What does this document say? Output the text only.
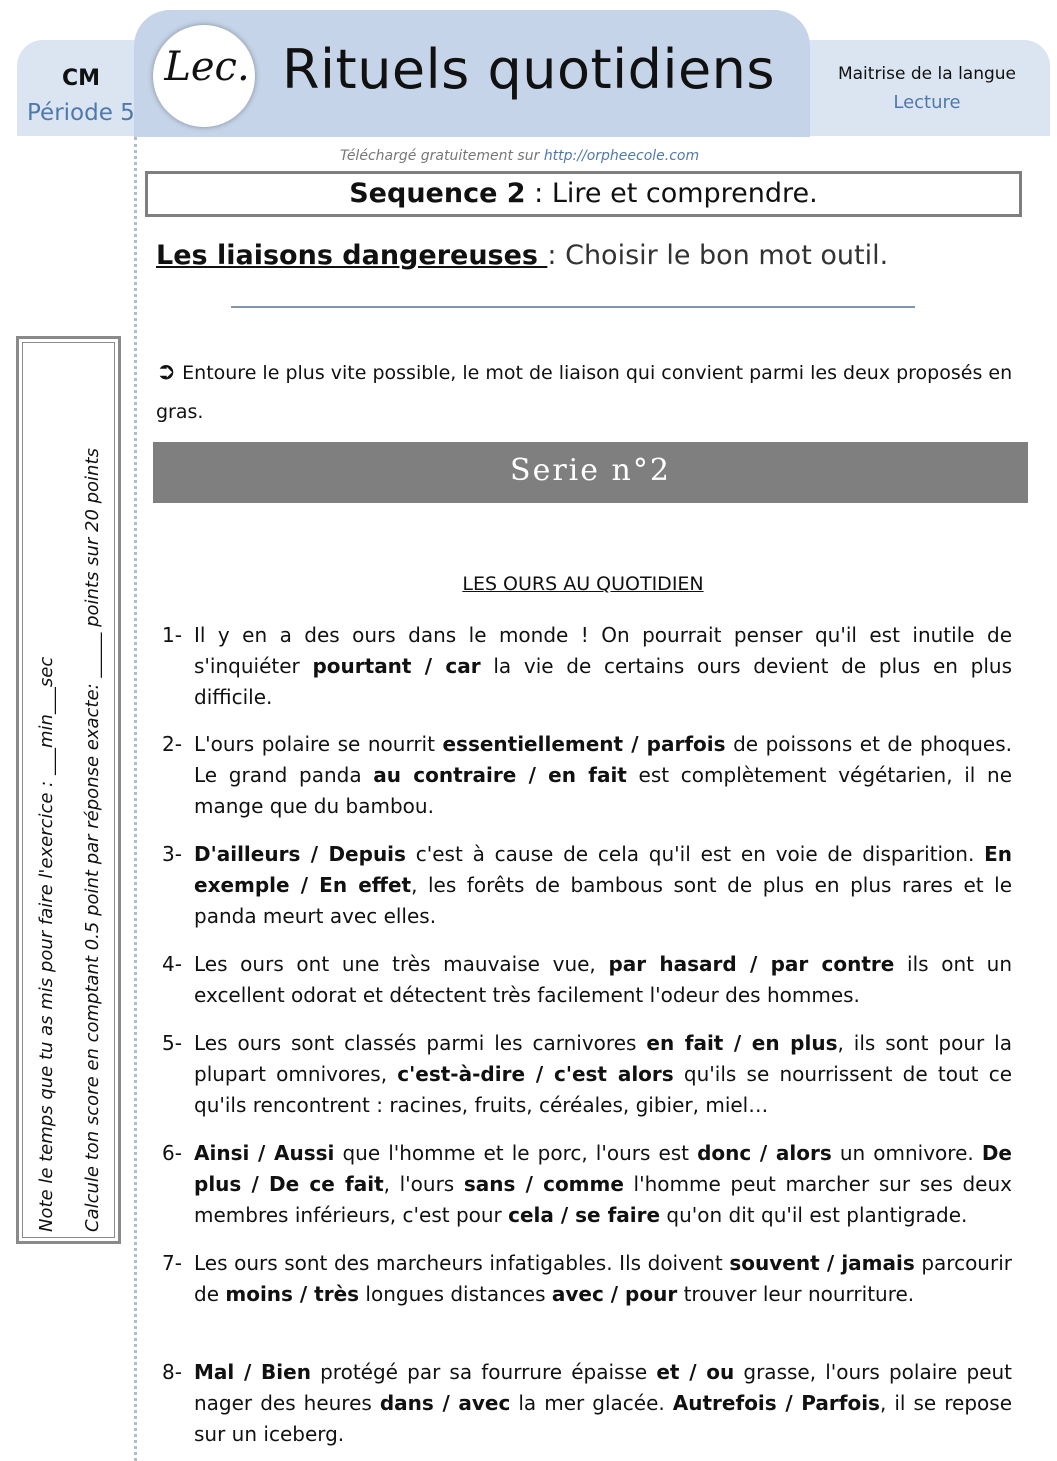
CM
Période 5
Lec. Rituels quotidiens	Maitrise de la langue
Lecture
Téléchargé gratuitement sur http://orpheecole.com
Sequence 2 : Lire et comprendre.
Les liaisons dangereuses : Choisir le bon mot outil.
➲ Entoure le plus vite possible, le mot de liaison qui convient parmi les deux proposés en gras.
Serie n°2
LES OURS AU QUOTIDIEN
1- Il y en a des ours dans le monde ! On pourrait penser qu'il est inutile de s'inquiéter pourtant / car la vie de certains ours devient de plus en plus difficile.
2- L'ours polaire se nourrit essentiellement / parfois de poissons et de phoques. Le grand panda au contraire / en fait est complètement végétarien, il ne mange que du bambou.
3- D'ailleurs / Depuis c'est à cause de cela qu'il est en voie de disparition. En exemple / En effet, les forêts de bambous sont de plus en plus rares et le panda meurt avec elles.
4- Les ours ont une très mauvaise vue, par hasard / par contre ils ont un excellent odorat et détectent très facilement l'odeur des hommes.
5- Les ours sont classés parmi les carnivores en fait / en plus, ils sont pour la plupart omnivores, c'est-à-dire / c'est alors qu'ils se nourrissent de tout ce qu'ils rencontrent : racines, fruits, céréales, gibier, miel…
6- Ainsi / Aussi que l'homme et le porc, l'ours est donc / alors un omnivore. De plus / De ce fait, l'ours sans / comme l'homme peut marcher sur ses deux membres inférieurs, c'est pour cela / se faire qu'on dit qu'il est plantigrade.
7- Les ours sont des marcheurs infatigables. Ils doivent souvent / jamais parcourir de moins / très longues distances avec / pour trouver leur nourriture.
8- Mal / Bien protégé par sa fourrure épaisse et / ou grasse, l'ours polaire peut nager des heures dans / avec la mer glacée. Autrefois / Parfois, il se repose sur un iceberg.
Note le temps que tu as mis pour faire l'exercice : ___min___sec Calcule ton score en comptant 0.5 point par réponse exacte: _____ points sur 20 points
